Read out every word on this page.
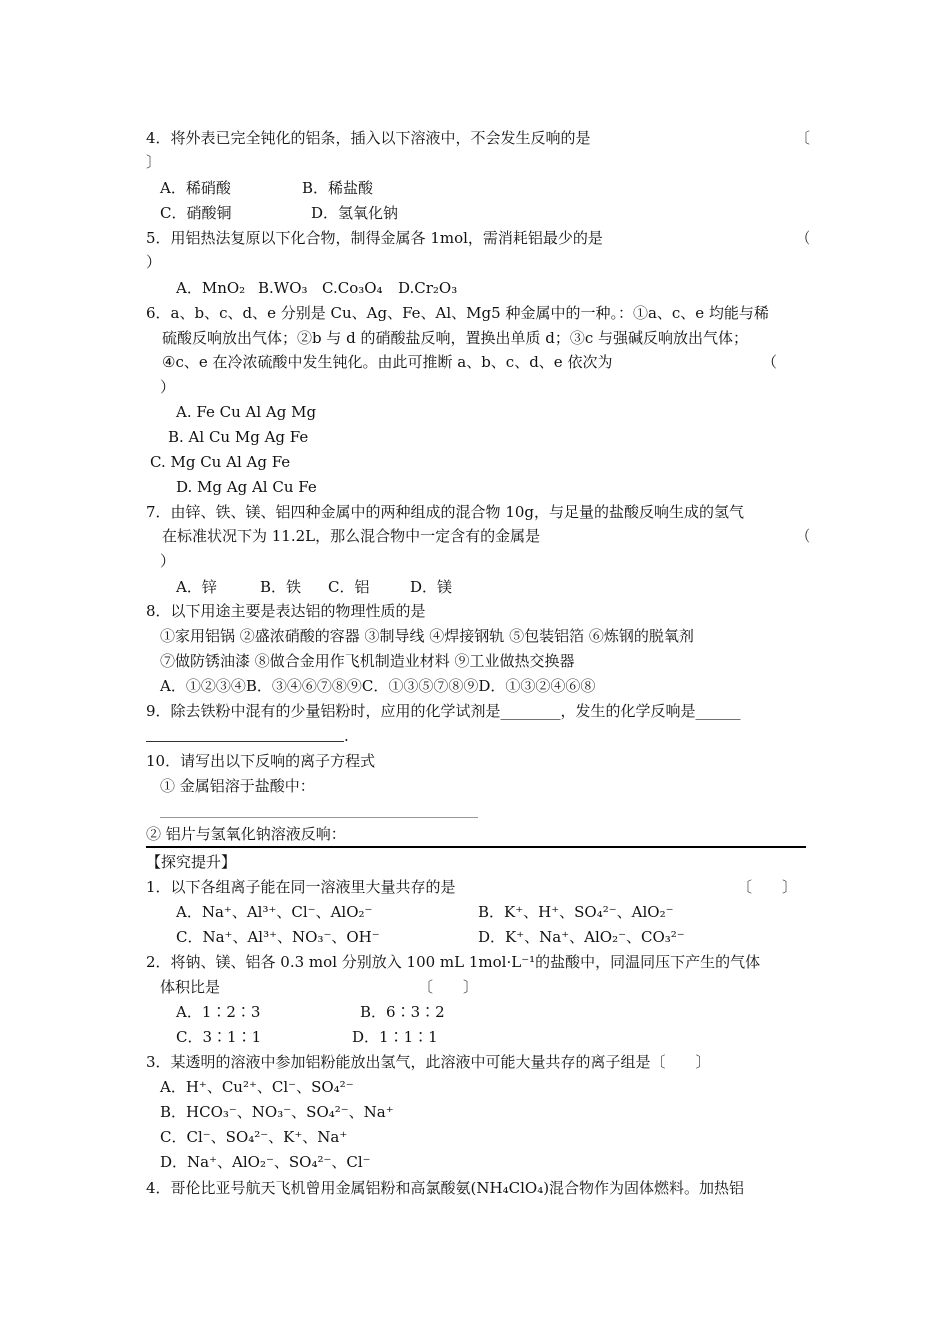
4．将外表已完全钝化的铝条，插入以下溶液中，不会发生反响的是	〔
〕
A．稀硝酸	B．稀盐酸
C．硝酸铜	D．氢氧化钠
5．用铝热法复原以下化合物，制得金属各 1mol，需消耗铝最少的是	（
）
A．MnO₂ B.WO₃ C.Co₃O₄ D.Cr₂O₃
6．a、b、c、d、e 分别是 Cu、Ag、Fe、Al、Mg5 种金属中的一种。：①a、c、e 均能与稀
硫酸反响放出气体；②b 与 d 的硝酸盐反响，置换出单质 d；③c 与强碱反响放出气体；
④c、e 在冷浓硫酸中发生钝化。由此可推断 a、b、c、d、e 依次为	（
）
A. Fe Cu Al Ag Mg
B. Al Cu Mg Ag Fe
C. Mg Cu Al Ag Fe
D. Mg Ag Al Cu Fe
7．由锌、铁、镁、铝四种金属中的两种组成的混合物 10g，与足量的盐酸反响生成的氢气
在标准状况下为 11.2L，那么混合物中一定含有的金属是	（
）
A．锌	B．铁 C．铝	D．镁
8．以下用途主要是表达铝的物理性质的是
①家用铝锅 ②盛浓硝酸的容器 ③制导线 ④焊接钢轨 ⑤包装铝箔 ⑥炼钢的脱氧剂
⑦做防锈油漆 ⑧做合金用作飞机制造业材料 ⑨工业做热交换器
A．①②③④B．③④⑥⑦⑧⑨C．①③⑤⑦⑧⑨D．①③②④⑥⑧
9．除去铁粉中混有的少量铝粉时，应用的化学试剂是________，发生的化学反响是______
.
10．请写出以下反响的离子方程式
① 金属铝溶于盐酸中：
② 铝片与氢氧化钠溶液反响：
【探究提升】
1．以下各组离子能在同一溶液里大量共存的是	〔　　〕
A．Na⁺、Al³⁺、Cl⁻、AlO₂⁻	B．K⁺、H⁺、SO₄²⁻、AlO₂⁻
C．Na⁺、Al³⁺、NO₃⁻、OH⁻	D．K⁺、Na⁺、AlO₂⁻、CO₃²⁻
2．将钠、镁、铝各 0.3 mol 分别放入 100 mL 1mol·L⁻¹的盐酸中，同温同压下产生的气体
体积比是	〔　　〕
A．1∶2∶3	B．6∶3∶2
C．3∶1∶1	D．1∶1∶1
3．某透明的溶液中参加铝粉能放出氢气，此溶液中可能大量共存的离子组是〔　　〕
A．H⁺、Cu²⁺、Cl⁻、SO₄²⁻
B．HCO₃⁻、NO₃⁻、SO₄²⁻、Na⁺
C．Cl⁻、SO₄²⁻、K⁺、Na⁺
D．Na⁺、AlO₂⁻、SO₄²⁻、Cl⁻
4．哥伦比亚号航天飞机曾用金属铝粉和高氯酸氨(NH₄ClO₄)混合物作为固体燃料。加热铝
